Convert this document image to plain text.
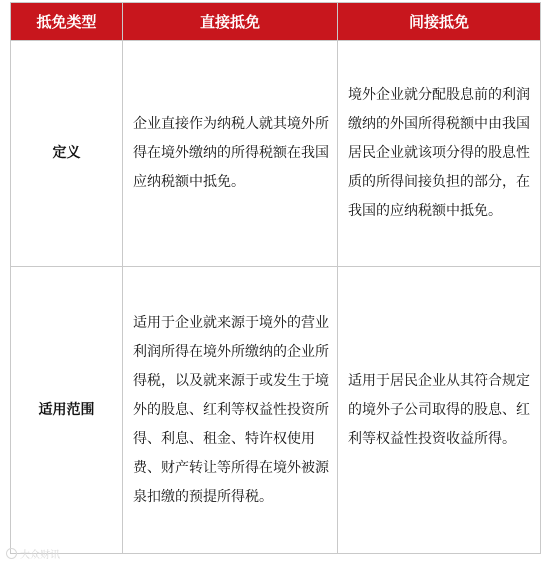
抵免类型	直接抵免	间接抵免
定义	企业直接作为纳税人就其境外所得在境外缴纳的所得税额在我国应纳税额中抵免。	境外企业就分配股息前的利润缴纳的外国所得税额中由我国居民企业就该项分得的股息性质的所得间接负担的部分，在我国的应纳税额中抵免。
适用范围	适用于企业就来源于境外的营业利润所得在境外所缴纳的企业所得税，以及就来源于或发生于境外的股息、红利等权益性投资所得、利息、租金、特许权使用费、财产转让等所得在境外被源泉扣缴的预提所得税。	适用于居民企业从其符合规定的境外子公司取得的股息、红利等权益性投资收益所得。
大众财讯
